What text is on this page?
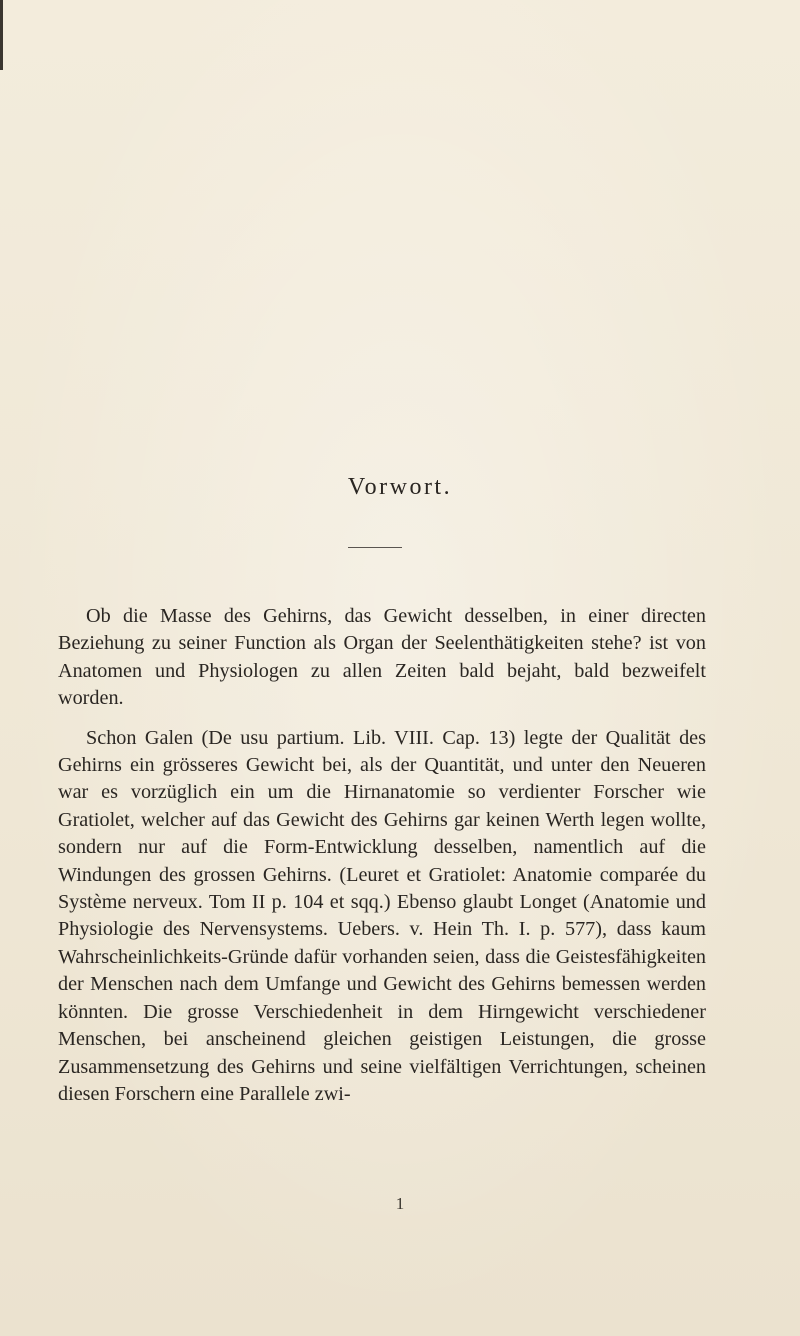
Vorwort.

Ob die Masse des Gehirns, das Gewicht desselben, in einer directen Beziehung zu seiner Function als Organ der Seelenthätigkeiten stehe? ist von Anatomen und Physiologen zu allen Zeiten bald bejaht, bald bezweifelt worden.

Schon Galen (De usu partium. Lib. VIII. Cap. 13) legte der Qualität des Gehirns ein grösseres Gewicht bei, als der Quantität, und unter den Neueren war es vorzüglich ein um die Hirnanatomie so verdienter Forscher wie Gratiolet, welcher auf das Gewicht des Gehirns gar keinen Werth legen wollte, sondern nur auf die Form-Entwicklung desselben, namentlich auf die Windungen des grossen Gehirns. (Leuret et Gratiolet: Anatomie comparée du Système nerveux. Tom II p. 104 et sqq.) Ebenso glaubt Longet (Anatomie und Physiologie des Nervensystems. Uebers. v. Hein Th. I. p. 577), dass kaum Wahrscheinlichkeits-Gründe dafür vorhanden seien, dass die Geistesfähigkeiten der Menschen nach dem Umfange und Gewicht des Gehirns bemessen werden könnten. Die grosse Verschiedenheit in dem Hirngewicht verschiedener Menschen, bei anscheinend gleichen geistigen Leistungen, die grosse Zusammensetzung des Gehirns und seine vielfältigen Verrichtungen, scheinen diesen Forschern eine Parallele zwi-

1
